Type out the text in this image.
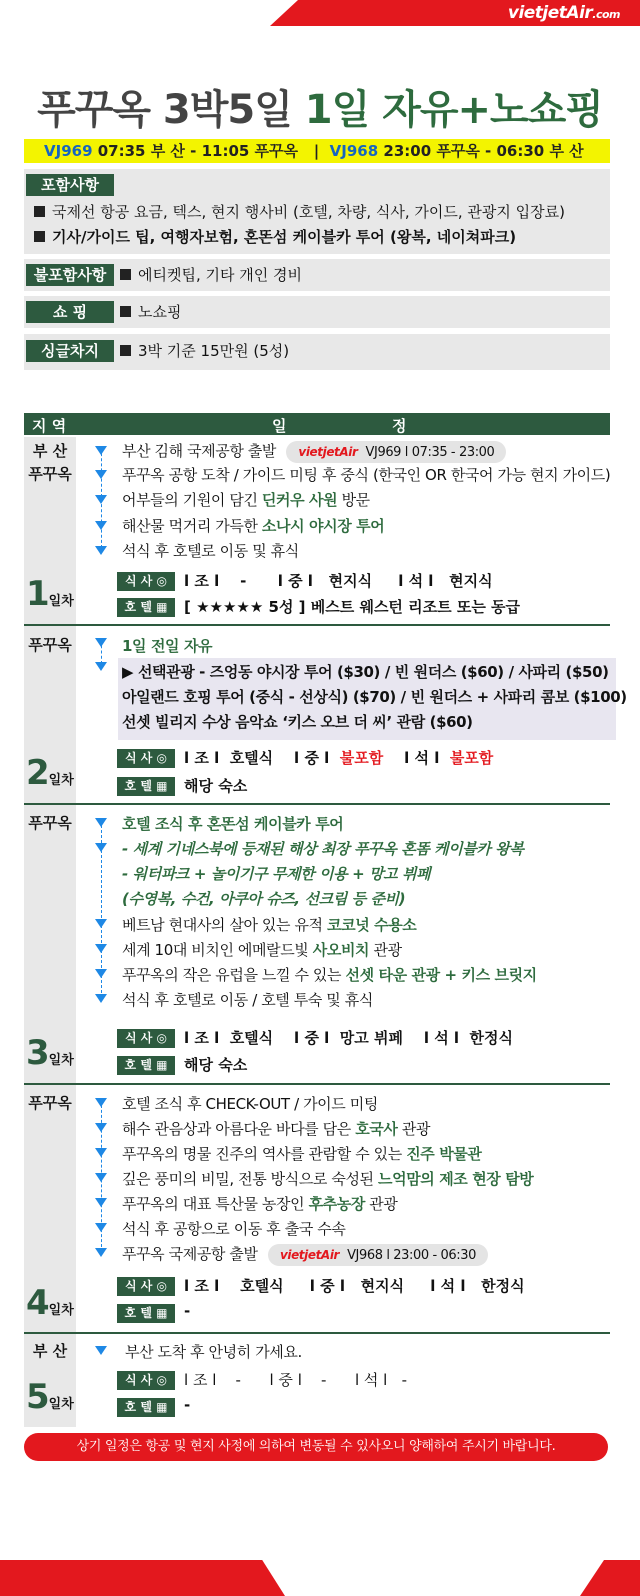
vietjetAir.com
푸꾸옥 3박5일 1일 자유+노쇼핑
VJ969 07:35 부 산 - 11:05 푸꾸옥 | VJ968 23:00 푸꾸옥 - 06:30 부 산
포함사항
국제선 항공 요금, 텍스, 현지 행사비 (호텔, 차량, 식사, 가이드, 관광지 입장료)
기사/가이드 팁, 여행자보험, 혼똔섬 케이블카 투어 (왕복, 네이쳐파크)
불포함사항	에티켓팁, 기타 개인 경비
쇼 핑	노쇼핑
싱글차지	3박 기준 15만원 (5성)
지 역	일	정
부 산
푸꾸옥
부산 김해 국제공항 출발 vietjetAir VJ969 l 07:35 - 23:00
푸꾸옥 공항 도착 / 가이드 미팅 후 중식 (한국인 OR 한국어 가능 현지 가이드)
어부들의 기원이 담긴 딘커우 사원 방문
해산물 먹거리 가득한 소나시 야시장 투어
석식 후 호텔로 이동 및 휴식
식 사 ◎	l 조 l    -      l 중 l   현지식     l 석 l   현지식
호 텔 ▦	[ ★★★★★ 5성 ] 베스트 웨스턴 리조트 또는 동급
1일차
푸꾸옥	1일 전일 자유
▶ 선택관광 - 즈엉동 야시장 투어 ($30) / 빈 원더스 ($60) / 사파리 ($50)
아일랜드 호핑 투어 (중식 - 선상식) ($70) / 빈 원더스 + 사파리 콤보 ($100)
선셋 빌리지 수상 음악쇼 ‘키스 오브 더 씨’ 관람 ($60)
식 사 ◎	l 조 l  호텔식    l 중 l  불포함    l 석 l  불포함
호 텔 ▦	해당 숙소
2일차
푸꾸옥	호텔 조식 후 혼똔섬 케이블카 투어
- 세계 기네스북에 등재된 해상 최장 푸꾸옥 혼똠 케이블카 왕복
- 워터파크 + 놀이기구 무제한 이용 + 망고 뷔페
(수영복, 수건, 아쿠아 슈즈, 선크림 등 준비)
베트남 현대사의 살아 있는 유적 코코넛 수용소
세계 10대 비치인 에메랄드빛 사오비치 관광
푸꾸옥의 작은 유럽을 느낄 수 있는 선셋 타운 관광 + 키스 브릿지
석식 후 호텔로 이동 / 호텔 투숙 및 휴식
식 사 ◎	l 조 l  호텔식    l 중 l  망고 뷔페    l 석 l  한정식
호 텔 ▦	해당 숙소
3일차
푸꾸옥	호텔 조식 후 CHECK-OUT / 가이드 미팅
해수 관음상과 아름다운 바다를 담은 호국사 관광
푸꾸옥의 명물 진주의 역사를 관람할 수 있는 진주 박물관
깊은 풍미의 비밀, 전통 방식으로 숙성된 느억맘의 제조 현장 탐방
푸꾸옥의 대표 특산물 농장인 후추농장 관광
석식 후 공항으로 이동 후 출국 수속
푸꾸옥 국제공항 출발 vietjetAir VJ968 l 23:00 - 06:30
식 사 ◎	l 조 l    호텔식     l 중 l   현지식     l 석 l   한정식
호 텔 ▦	-
4일차
부 산	부산 도착 후 안녕히 가세요.
식 사 ◎	l 조 l    -      l 중 l    -      l 석 l   -
호 텔 ▦	-
5일차
상기 일정은 항공 및 현지 사정에 의하여 변동될 수 있사오니 양해하여 주시기 바랍니다.
